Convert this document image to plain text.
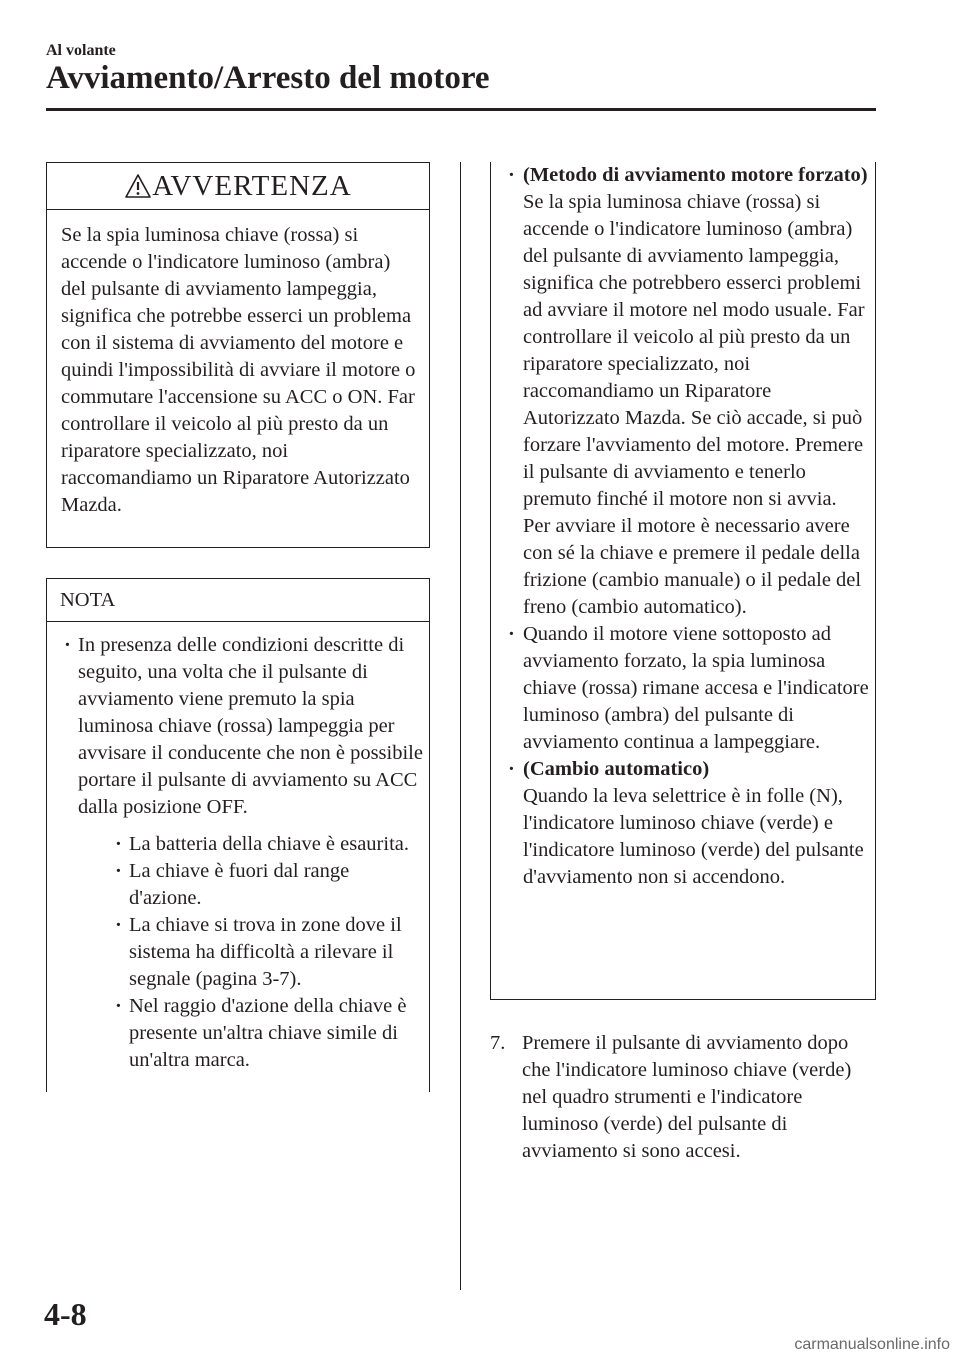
Al volante
Avviamento/Arresto del motore
AVVERTENZA
Se la spia luminosa chiave (rossa) si accende o l'indicatore luminoso (ambra) del pulsante di avviamento lampeggia, significa che potrebbe esserci un problema con il sistema di avviamento del motore e quindi l'impossibilità di avviare il motore o commutare l'accensione su ACC o ON. Far controllare il veicolo al più presto da un riparatore specializzato, noi raccomandiamo un Riparatore Autorizzato Mazda.
NOTA
· In presenza delle condizioni descritte di seguito, una volta che il pulsante di avviamento viene premuto la spia luminosa chiave (rossa) lampeggia per avvisare il conducente che non è possibile portare il pulsante di avviamento su ACC dalla posizione OFF.
· La batteria della chiave è esaurita.
· La chiave è fuori dal range d'azione.
· La chiave si trova in zone dove il sistema ha difficoltà a rilevare il segnale (pagina 3-7).
· Nel raggio d'azione della chiave è presente un'altra chiave simile di un'altra marca.
· (Metodo di avviamento motore forzato)
Se la spia luminosa chiave (rossa) si accende o l'indicatore luminoso (ambra) del pulsante di avviamento lampeggia, significa che potrebbero esserci problemi ad avviare il motore nel modo usuale. Far controllare il veicolo al più presto da un riparatore specializzato, noi raccomandiamo un Riparatore Autorizzato Mazda. Se ciò accade, si può forzare l'avviamento del motore. Premere il pulsante di avviamento e tenerlo premuto finché il motore non si avvia. Per avviare il motore è necessario avere con sé la chiave e premere il pedale della frizione (cambio manuale) o il pedale del freno (cambio automatico).
· Quando il motore viene sottoposto ad avviamento forzato, la spia luminosa chiave (rossa) rimane accesa e l'indicatore luminoso (ambra) del pulsante di avviamento continua a lampeggiare.
· (Cambio automatico)
Quando la leva selettrice è in folle (N), l'indicatore luminoso chiave (verde) e l'indicatore luminoso (verde) del pulsante d'avviamento non si accendono.
7. Premere il pulsante di avviamento dopo che l'indicatore luminoso chiave (verde) nel quadro strumenti e l'indicatore luminoso (verde) del pulsante di avviamento si sono accesi.
4-8
carmanualsonline.info
